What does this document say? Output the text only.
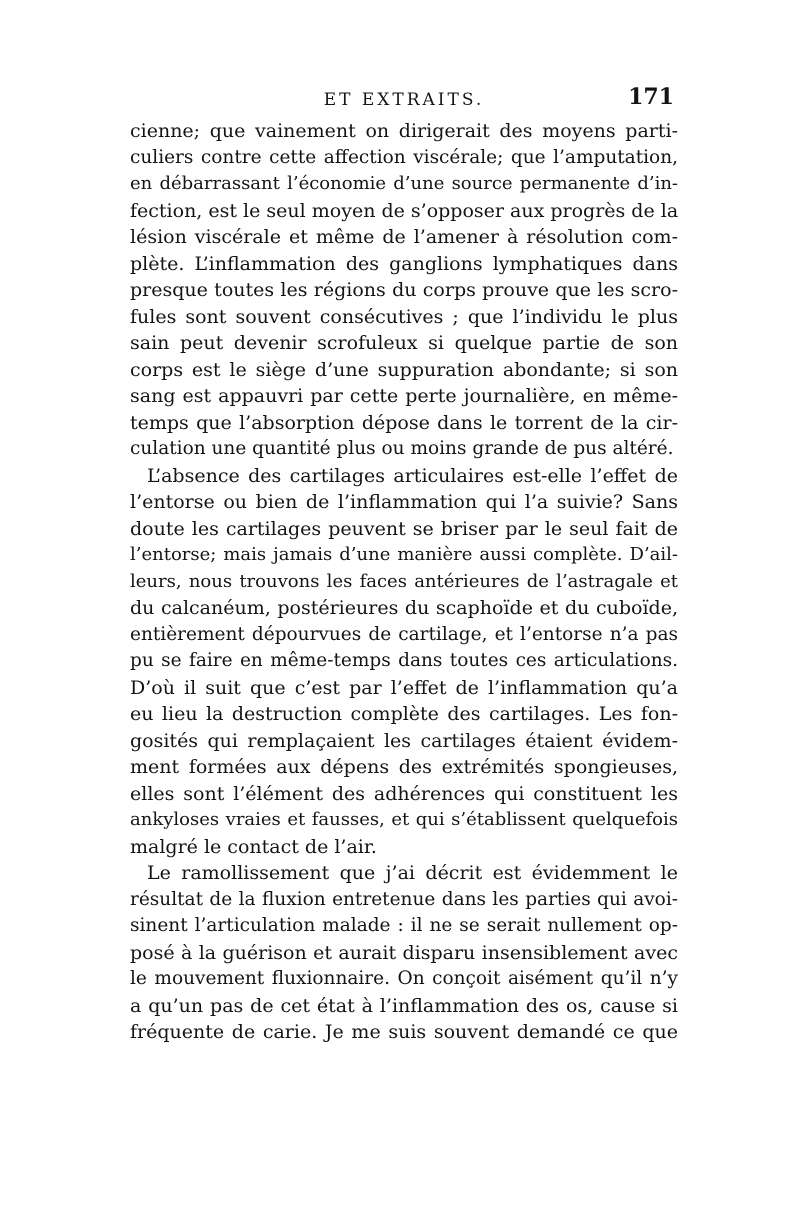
ET EXTRAITS.	171
cienne; que vainement on dirigerait des moyens parti-
culiers contre cette affection viscérale; que l’amputation,
en débarrassant l’économie d’une source permanente d’in-
fection, est le seul moyen de s’opposer aux progrès de la
lésion viscérale et même de l’amener à résolution com-
plète. L’inflammation des ganglions lymphatiques dans
presque toutes les régions du corps prouve que les scro-
fules sont souvent consécutives ; que l’individu le plus
sain peut devenir scrofuleux si quelque partie de son
corps est le siège d’une suppuration abondante; si son
sang est appauvri par cette perte journalière, en même-
temps que l’absorption dépose dans le torrent de la cir-
culation une quantité plus ou moins grande de pus altéré.
L’absence des cartilages articulaires est-elle l’effet de
l’entorse ou bien de l’inflammation qui l’a suivie? Sans
doute les cartilages peuvent se briser par le seul fait de
l’entorse; mais jamais d’une manière aussi complète. D’ail-
leurs, nous trouvons les faces antérieures de l’astragale et
du calcanéum, postérieures du scaphoïde et du cuboïde,
entièrement dépourvues de cartilage, et l’entorse n’a pas
pu se faire en même-temps dans toutes ces articulations.
D’où il suit que c’est par l’effet de l’inflammation qu’a
eu lieu la destruction complète des cartilages. Les fon-
gosités qui remplaçaient les cartilages étaient évidem-
ment formées aux dépens des extrémités spongieuses,
elles sont l’élément des adhérences qui constituent les
ankyloses vraies et fausses, et qui s’établissent quelquefois
malgré le contact de l’air.
Le ramollissement que j’ai décrit est évidemment le
résultat de la fluxion entretenue dans les parties qui avoi-
sinent l’articulation malade : il ne se serait nullement op-
posé à la guérison et aurait disparu insensiblement avec
le mouvement fluxionnaire. On conçoit aisément qu’il n’y
a qu’un pas de cet état à l’inflammation des os, cause si
fréquente de carie. Je me suis souvent demandé ce que
